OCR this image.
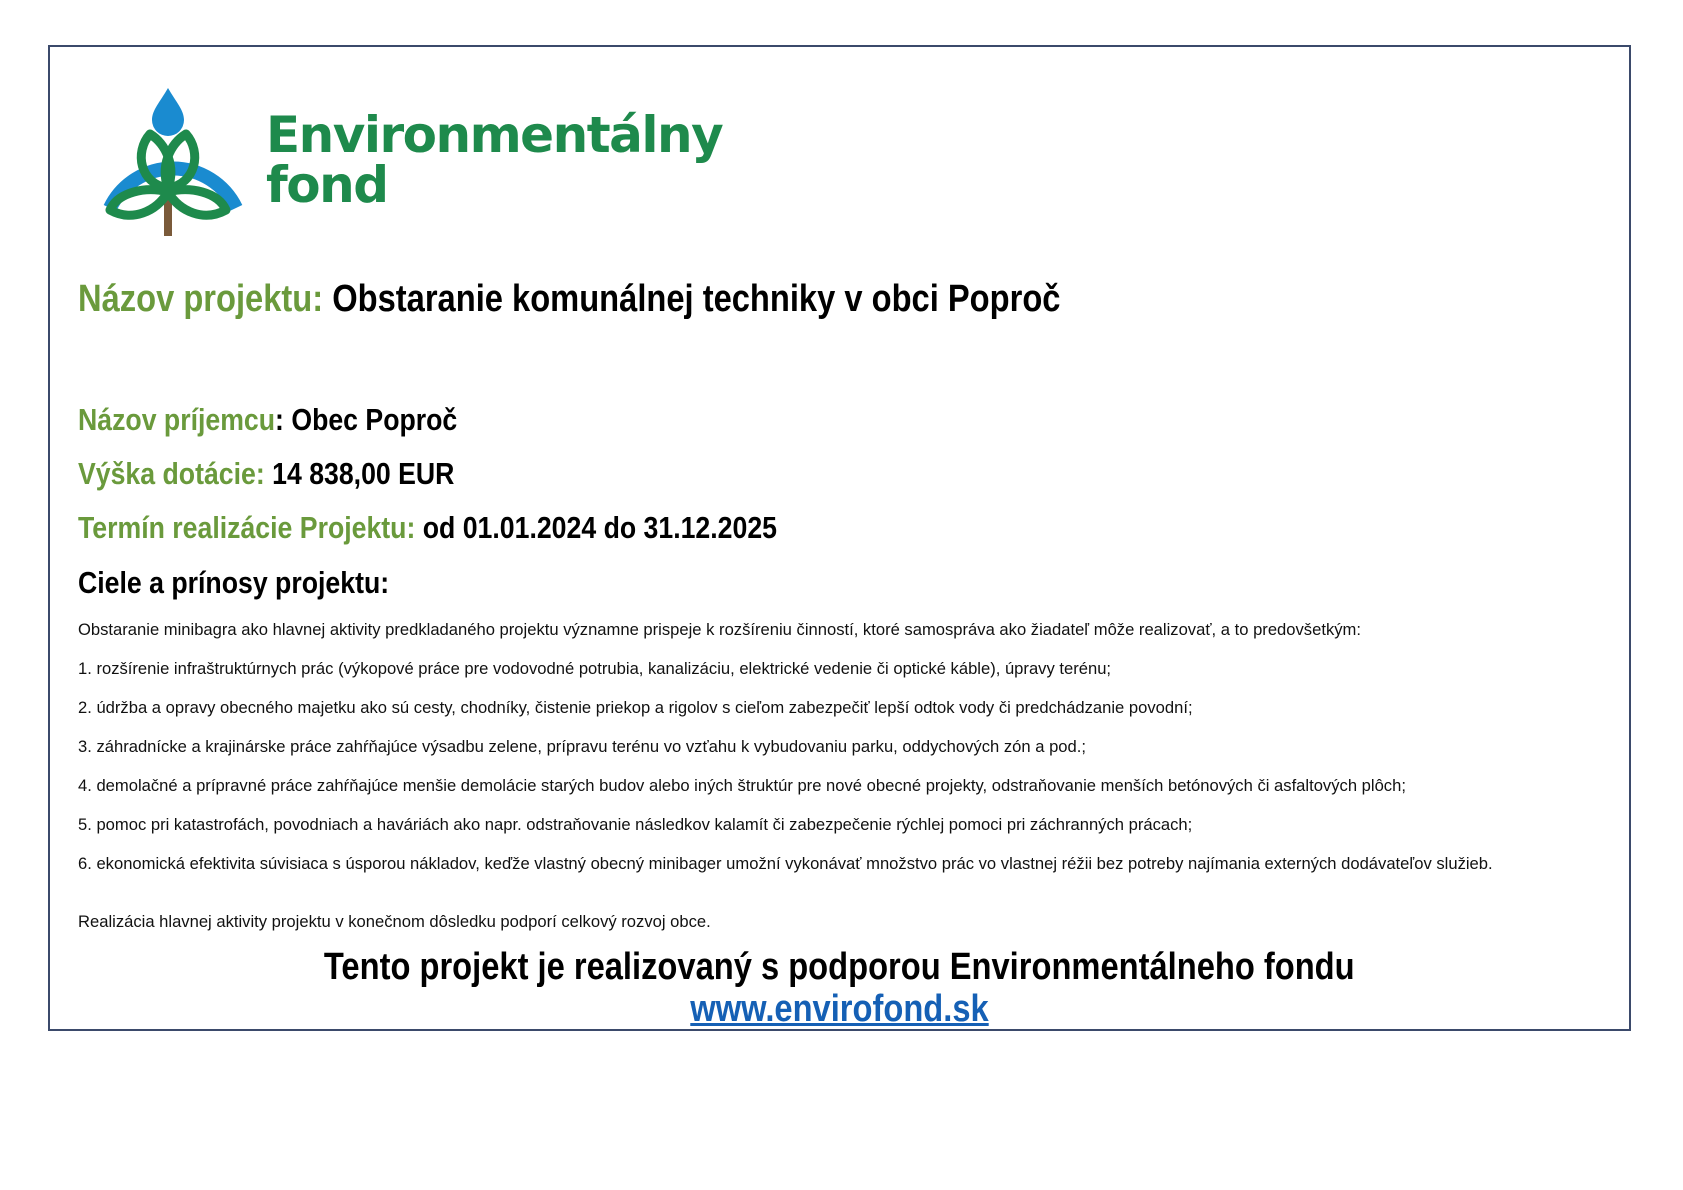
Environmentálny
fond
Názov projektu: Obstaranie komunálnej techniky v obci Poproč
Názov príjemcu: Obec Poproč
Výška dotácie: 14 838,00 EUR
Termín realizácie Projektu: od 01.01.2024 do 31.12.2025
Ciele a prínosy projektu:
Obstaranie minibagra ako hlavnej aktivity predkladaného projektu významne prispeje k rozšíreniu činností, ktoré samospráva ako žiadateľ môže realizovať, a to predovšetkým:
1. rozšírenie infraštruktúrnych prác (výkopové práce pre vodovodné potrubia, kanalizáciu, elektrické vedenie či optické káble), úpravy terénu;
2. údržba a opravy obecného majetku ako sú cesty, chodníky, čistenie priekop a rigolov s cieľom zabezpečiť lepší odtok vody či predchádzanie povodní;
3. záhradnícke a krajinárske práce zahŕňajúce výsadbu zelene, prípravu terénu vo vzťahu k vybudovaniu parku, oddychových zón a pod.;
4. demolačné a prípravné práce zahŕňajúce menšie demolácie starých budov alebo iných štruktúr pre nové obecné projekty, odstraňovanie menších betónových či asfaltových plôch;
5. pomoc pri katastrofách, povodniach a haváriách ako napr. odstraňovanie následkov kalamít či zabezpečenie rýchlej pomoci pri záchranných prácach;
6. ekonomická efektivita súvisiaca s úsporou nákladov, keďže vlastný obecný minibager umožní vykonávať množstvo prác vo vlastnej réžii bez potreby najímania externých dodávateľov služieb.
Realizácia hlavnej aktivity projektu v konečnom dôsledku podporí celkový rozvoj obce.
Tento projekt je realizovaný s podporou Environmentálneho fondu
www.envirofond.sk
